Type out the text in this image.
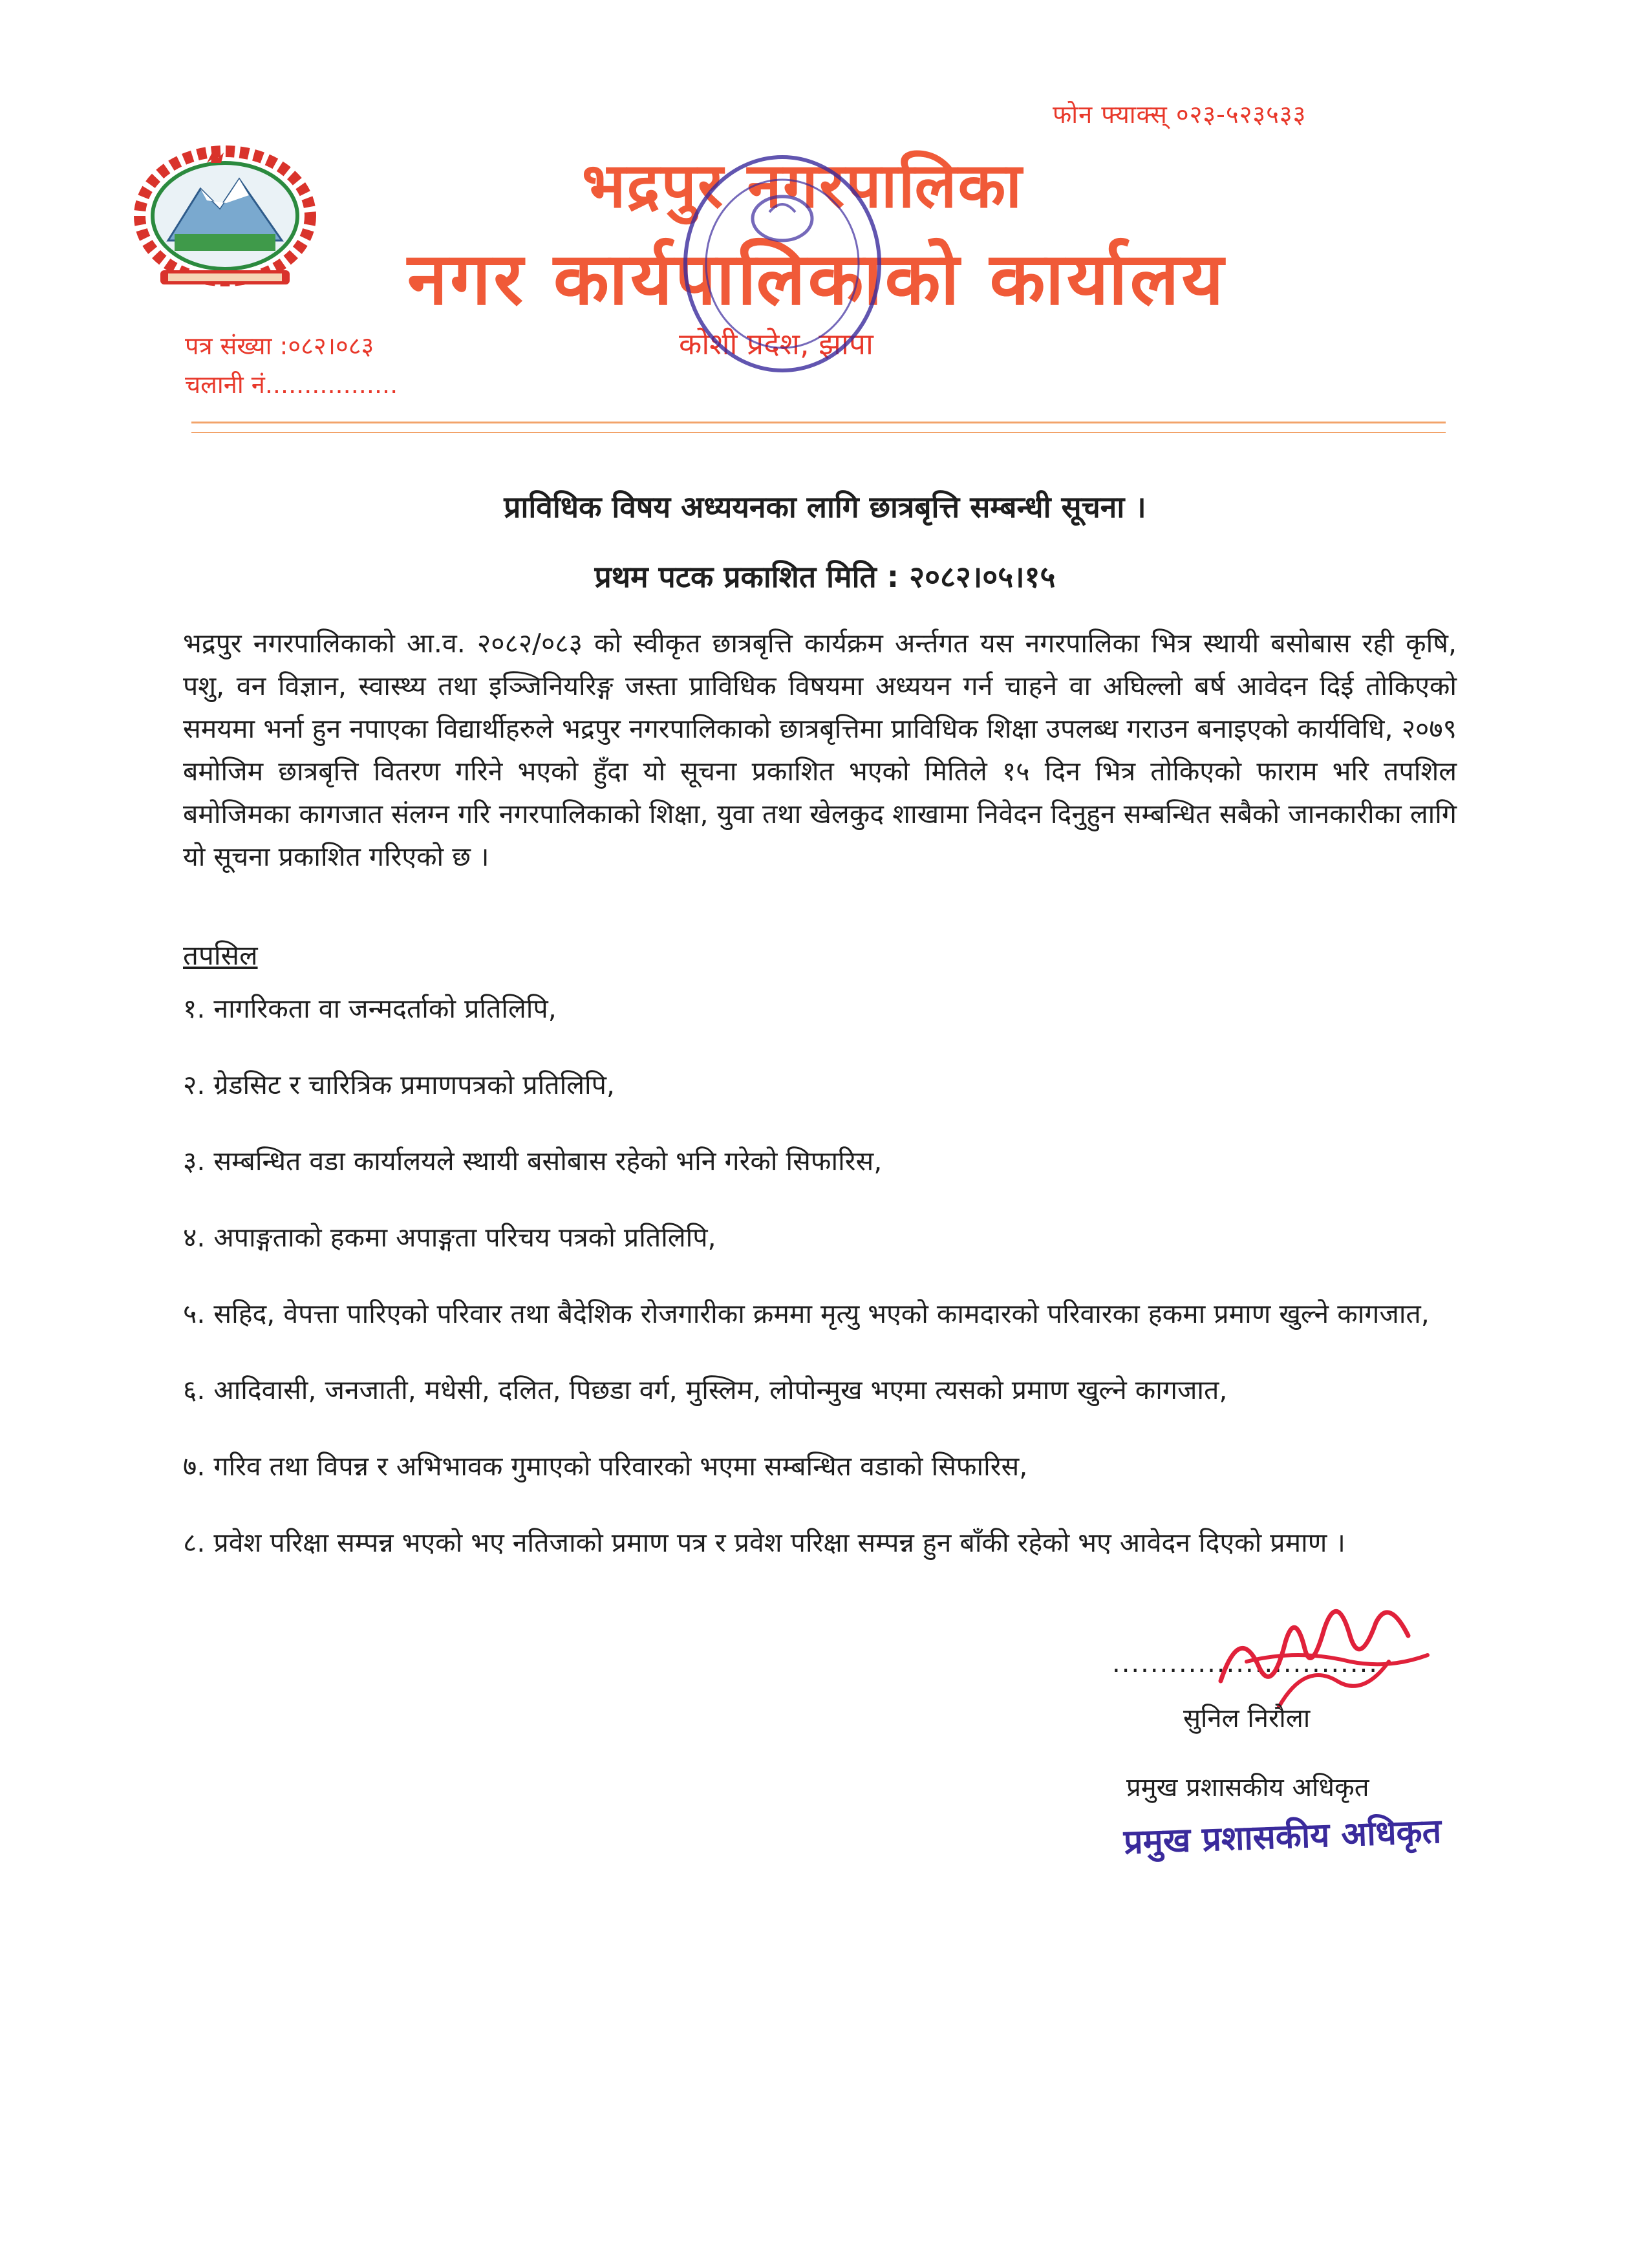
फोन फ्याक्स् ०२३-५२३५३३
भद्रपुर नगरपालिका
नगर कार्यपालिकाको कार्यालय
कोशी प्रदेश, झापा
पत्र संख्या :०८२।०८३
चलानी नं.................
प्राविधिक विषय अध्ययनका लागि छात्रबृत्ति सम्बन्धी सूचना ।
प्रथम पटक प्रकाशित मिति : २०८२।०५।१५
भद्रपुर नगरपालिकाको आ.व. २०८२/०८३ को स्वीकृत छात्रबृत्ति कार्यक्रम अर्न्तगत यस नगरपालिका भित्र स्थायी बसोबास रही कृषि, पशु, वन विज्ञान, स्वास्थ्य तथा इञ्जिनियरिङ्ग जस्ता प्राविधिक विषयमा अध्ययन गर्न चाहने वा अघिल्लो बर्ष आवेदन दिई तोकिएको समयमा भर्ना हुन नपाएका विद्यार्थीहरुले भद्रपुर नगरपालिकाको छात्रबृत्तिमा प्राविधिक शिक्षा उपलब्ध गराउन बनाइएको कार्यविधि, २०७९ बमोजिम छात्रबृत्ति वितरण गरिने भएको हुँदा यो सूचना प्रकाशित भएको मितिले १५ दिन भित्र तोकिएको फाराम भरि तपशिल बमोजिमका कागजात संलग्न गरि नगरपालिकाको शिक्षा, युवा तथा खेलकुद शाखामा निवेदन दिनुहुन सम्बन्धित सबैको जानकारीका लागि यो सूचना प्रकाशित गरिएको छ ।
तपसिल
१. नागरिकता वा जन्मदर्ताको प्रतिलिपि,
२. ग्रेडसिट र चारित्रिक प्रमाणपत्रको प्रतिलिपि,
३. सम्बन्धित वडा कार्यालयले स्थायी बसोबास रहेको भनि गरेको सिफारिस,
४. अपाङ्गताको हकमा अपाङ्गता परिचय पत्रको प्रतिलिपि,
५. सहिद, वेपत्ता पारिएको परिवार तथा बैदेशिक रोजगारीका क्रममा मृत्यु भएको कामदारको परिवारका हकमा प्रमाण खुल्ने कागजात,
६. आदिवासी, जनजाती, मधेसी, दलित, पिछडा वर्ग, मुस्लिम, लोपोन्मुख भएमा त्यसको प्रमाण खुल्ने कागजात,
७. गरिव तथा विपन्न र अभिभावक गुमाएको परिवारको भएमा सम्बन्धित वडाको सिफारिस,
८. प्रवेश परिक्षा सम्पन्न भएको भए नतिजाको प्रमाण पत्र र प्रवेश परिक्षा सम्पन्न हुन बाँकी रहेको भए आवेदन दिएको प्रमाण ।
............................
सुनिल निरौला
प्रमुख प्रशासकीय अधिकृत
प्रमुख प्रशासकीय अधिकृत
